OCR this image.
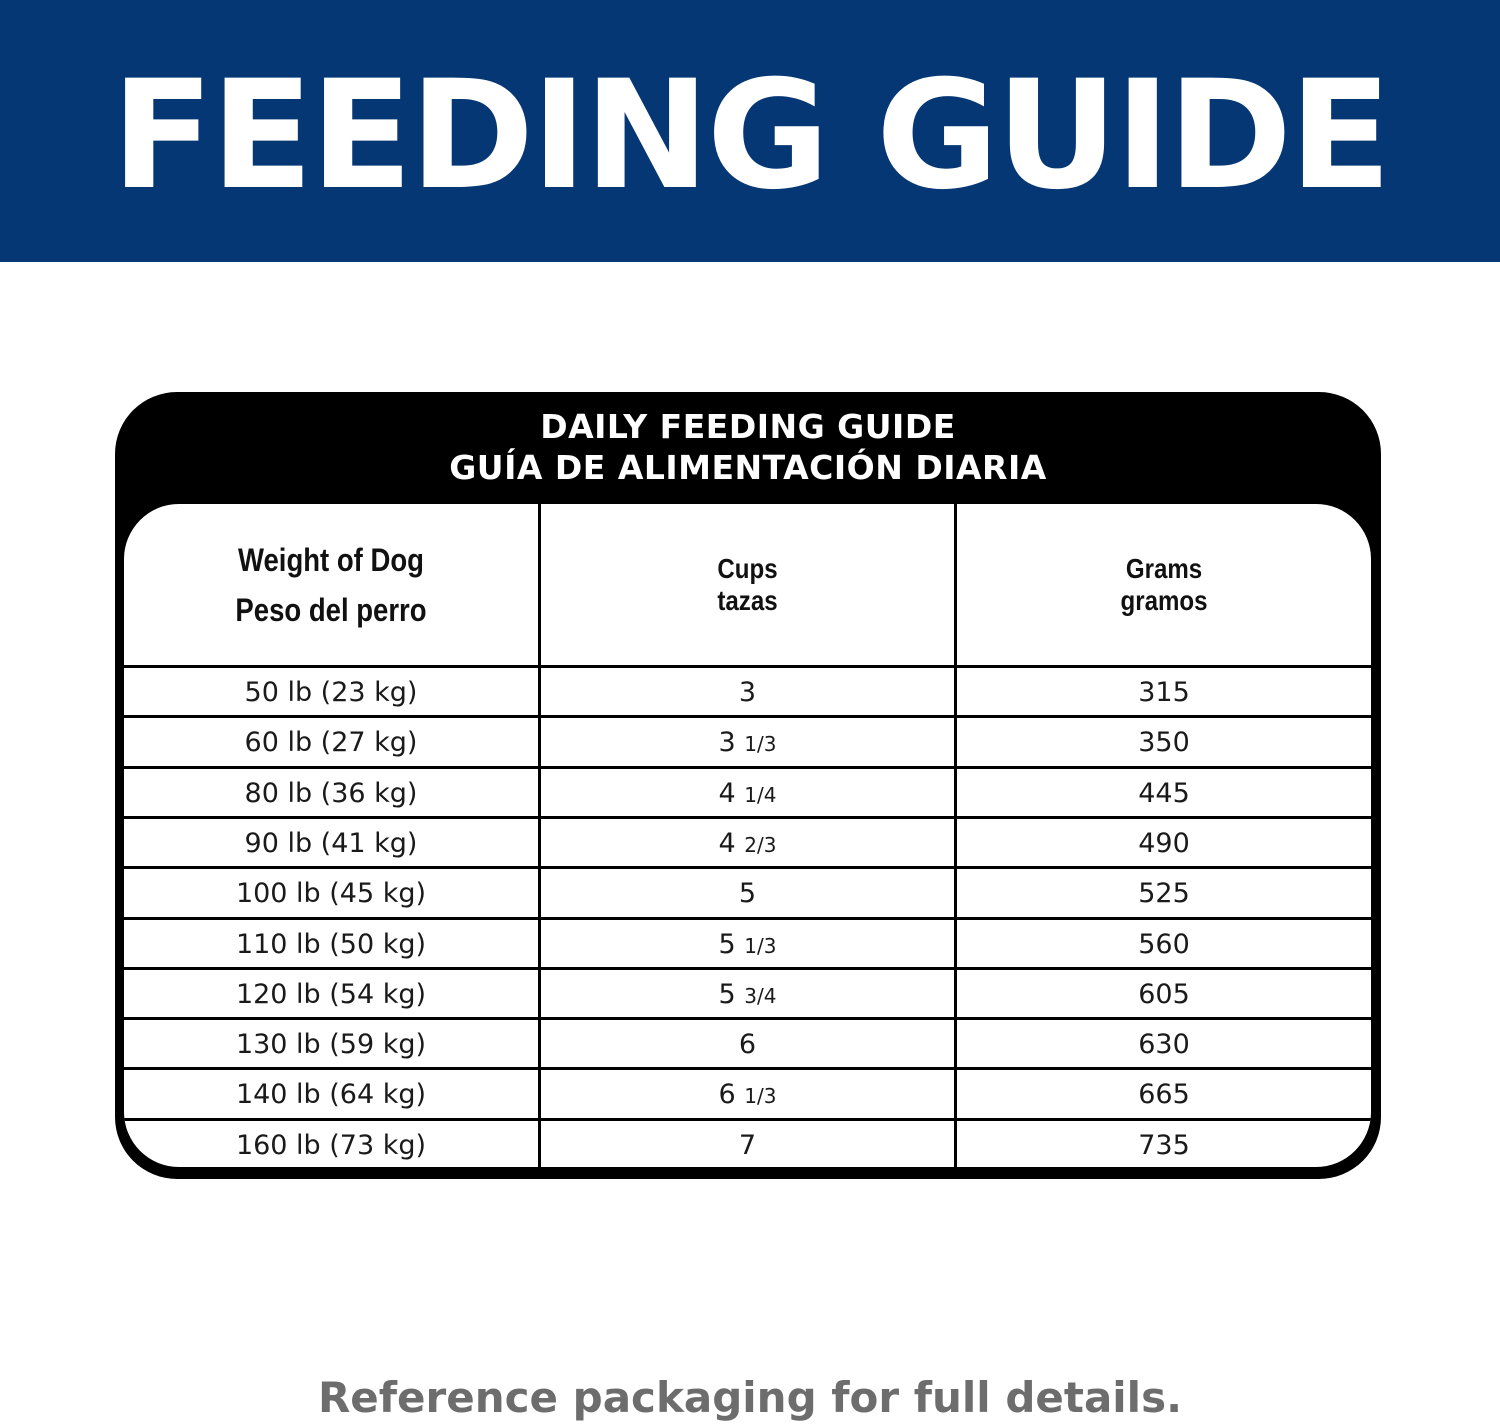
FEEDING GUIDE
DAILY FEEDING GUIDE
GUÍA DE ALIMENTACIÓN DIARIA
Weight of Dog
Peso del perro
Cups
tazas
Grams
gramos
50 lb (23 kg)	3	315
60 lb (27 kg)	3 1/3	350
80 lb (36 kg)	4 1/4	445
90 lb (41 kg)	4 2/3	490
100 lb (45 kg)	5	525
110 lb (50 kg)	5 1/3	560
120 lb (54 kg)	5 3/4	605
130 lb (59 kg)	6	630
140 lb (64 kg)	6 1/3	665
160 lb (73 kg)	7	735
Reference packaging for full details.
